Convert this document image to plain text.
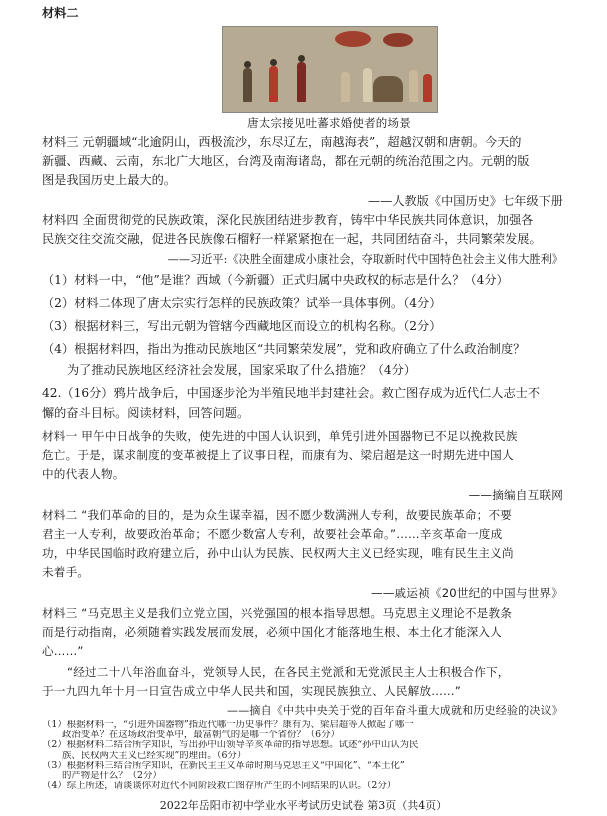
材料二
唐太宗接见吐蕃求婚使者的场景
材料三 元朝疆域“北逾阴山，西极流沙，东尽辽左，南越海表”，超越汉朝和唐朝。今天的
新疆、西藏、云南，东北广大地区，台湾及南海诸岛，都在元朝的统治范围之内。元朝的版
图是我国历史上最大的。
——人教版《中国历史》七年级下册
材料四 全面贯彻党的民族政策，深化民族团结进步教育，铸牢中华民族共同体意识，加强各
民族交往交流交融，促进各民族像石榴籽一样紧紧抱在一起，共同团结奋斗，共同繁荣发展。
——习近平:《决胜全面建成小康社会，夺取新时代中国特色社会主义伟大胜利》
（1）材料一中，“他”是谁？西域（今新疆）正式归属中央政权的标志是什么？（4分）
（2）材料二体现了唐太宗实行怎样的民族政策？试举一具体事例。（4分）
（3）根据材料三，写出元朝为管辖今西藏地区而设立的机构名称。（2分）
（4）根据材料四，指出为推动民族地区“共同繁荣发展”，党和政府确立了什么政治制度？
为了推动民族地区经济社会发展，国家采取了什么措施？（4分）
42.（16分）鸦片战争后，中国逐步沦为半殖民地半封建社会。救亡图存成为近代仁人志士不
懈的奋斗目标。阅读材料，回答问题。
材料一 甲午中日战争的失败，使先进的中国人认识到，单凭引进外国器物已不足以挽救民族
危亡。于是，谋求制度的变革被提上了议事日程，而康有为、梁启超是这一时期先进中国人
中的代表人物。
——摘编自互联网
材料二 “我们革命的目的，是为众生谋幸福，因不愿少数满洲人专利，故要民族革命；不要
君主一人专利，故要政治革命；不愿少数富人专利，故要社会革命。”……辛亥革命一度成
功，中华民国临时政府建立后，孙中山认为民族、民权两大主义已经实现，唯有民生主义尚
未着手。
——戚运祯《20世纪的中国与世界》
材料三 “马克思主义是我们立党立国，兴党强国的根本指导思想。马克思主义理论不是教条
而是行动指南，必须随着实践发展而发展，必须中国化才能落地生根、本土化才能深入人
心……”
“经过二十八年浴血奋斗，党领导人民，在各民主党派和无党派民主人士积极合作下，
于一九四九年十月一日宣告成立中华人民共和国，实现民族独立、人民解放……”
——摘自《中共中央关于党的百年奋斗重大成就和历史经验的决议》
2022年岳阳市初中学业水平考试历史试卷 第3页（共4页）
（1）根据材料一，“引进外国器物”指近代哪一历史事件？康有为、梁启超等人掀起了哪一
政治变革？在这场政治变革中，最富朝气的是哪一个省份？（6分）
（2）根据材料二结合所学知识，写出孙中山领导辛亥革命的指导思想。试述“孙中山认为民
族、民权两大主义已经实现”的理由。（6分）
（3）根据材料三结合所学知识，在新民主主义革命时期马克思主义“中国化”、“本土化”
的产物是什么？（2分）
（4）综上所述，请谈谈你对近代不同阶段救亡图存所产生的不同结果的认识。（2分）
